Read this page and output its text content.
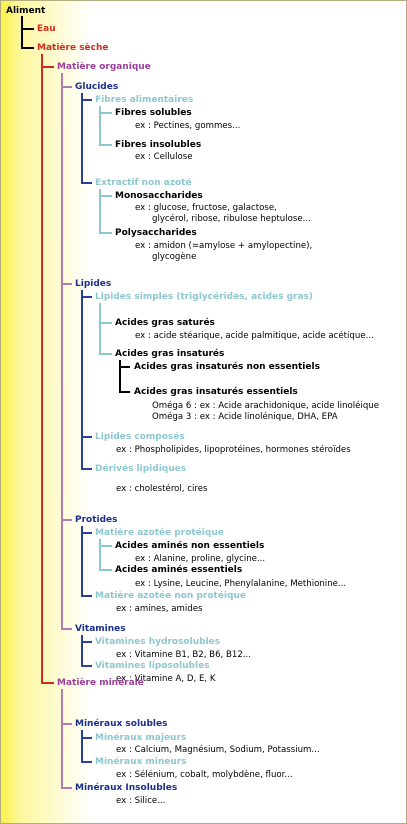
Aliment
Eau
Matière sèche
Matière organique
Glucides
Fibres alimentaires
Fibres solubles
ex : Pectines, gommes...
Fibres insolubles
ex : Cellulose
Extractif non azoté
Monosaccharides
ex : glucose, fructose, galactose,
glycérol, ribose, ribulose heptulose...
Polysaccharides
ex : amidon (=amylose + amylopectine),
glycogène
Lipides
Lipides simples (triglycérides, acides gras)
Acides gras saturés
ex : acide stéarique, acide palmitique, acide acétique...
Acides gras insaturés
Acides gras insaturés non essentiels
Acides gras insaturés essentiels
Oméga 6 : ex : Acide arachidonique, acide linoléique
Oméga 3 : ex : Acide linolénique, DHA, EPA
Lipides composés
ex : Phospholipides, lipoprotéines, hormones stéroïdes
Dérivés lipidiques
ex : cholestérol, cires
Protides
Matière azotée protéique
Acides aminés non essentiels
ex : Alanine, proline, glycine...
Acides aminés essentiels
ex : Lysine, Leucine, Phenylalanine, Methionine...
Matière azotée non protéique
ex : amines, amides
Vitamines
Vitamines hydrosolubles
ex : Vitamine B1, B2, B6, B12...
Vitamines liposolubles
ex : Vitamine A, D, E, K
Matière minérale
Minéraux solubles
Minéraux majeurs
ex : Calcium, Magnésium, Sodium, Potassium...
Minéraux mineurs
ex : Sélénium, cobalt, molybdène, fluor...
Minéraux Insolubles
ex : Silice...
